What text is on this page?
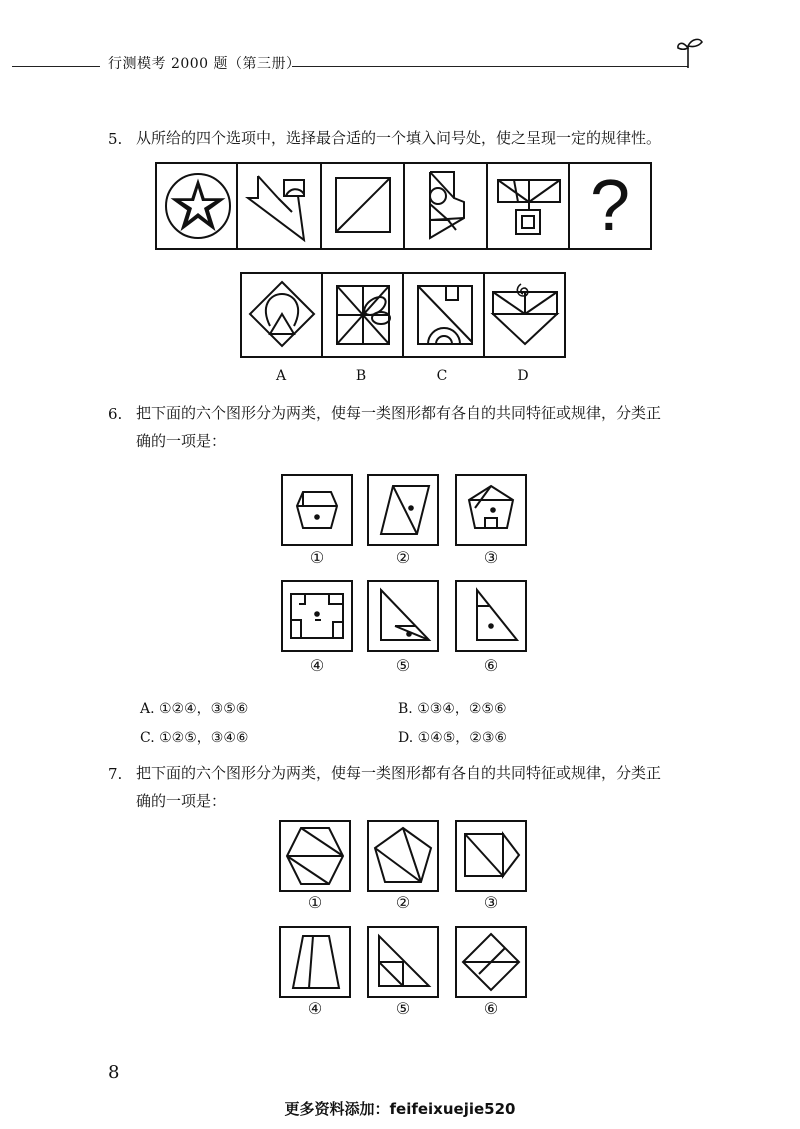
行测模考 2000 题（第三册）
5. 从所给的四个选项中，选择最合适的一个填入问号处，使之呈现一定的规律性。
?
A	B	C	D
6. 把下面的六个图形分为两类，使每一类图形都有各自的共同特征或规律，分类正
确的一项是：
①	②	③
④	⑤	⑥
A. ①②④，③⑤⑥	B. ①③④，②⑤⑥
C. ①②⑤，③④⑥	D. ①④⑤，②③⑥
7. 把下面的六个图形分为两类，使每一类图形都有各自的共同特征或规律，分类正
确的一项是：
①	②	③
④	⑤	⑥
8
更多资料添加：feifeixuejie520
